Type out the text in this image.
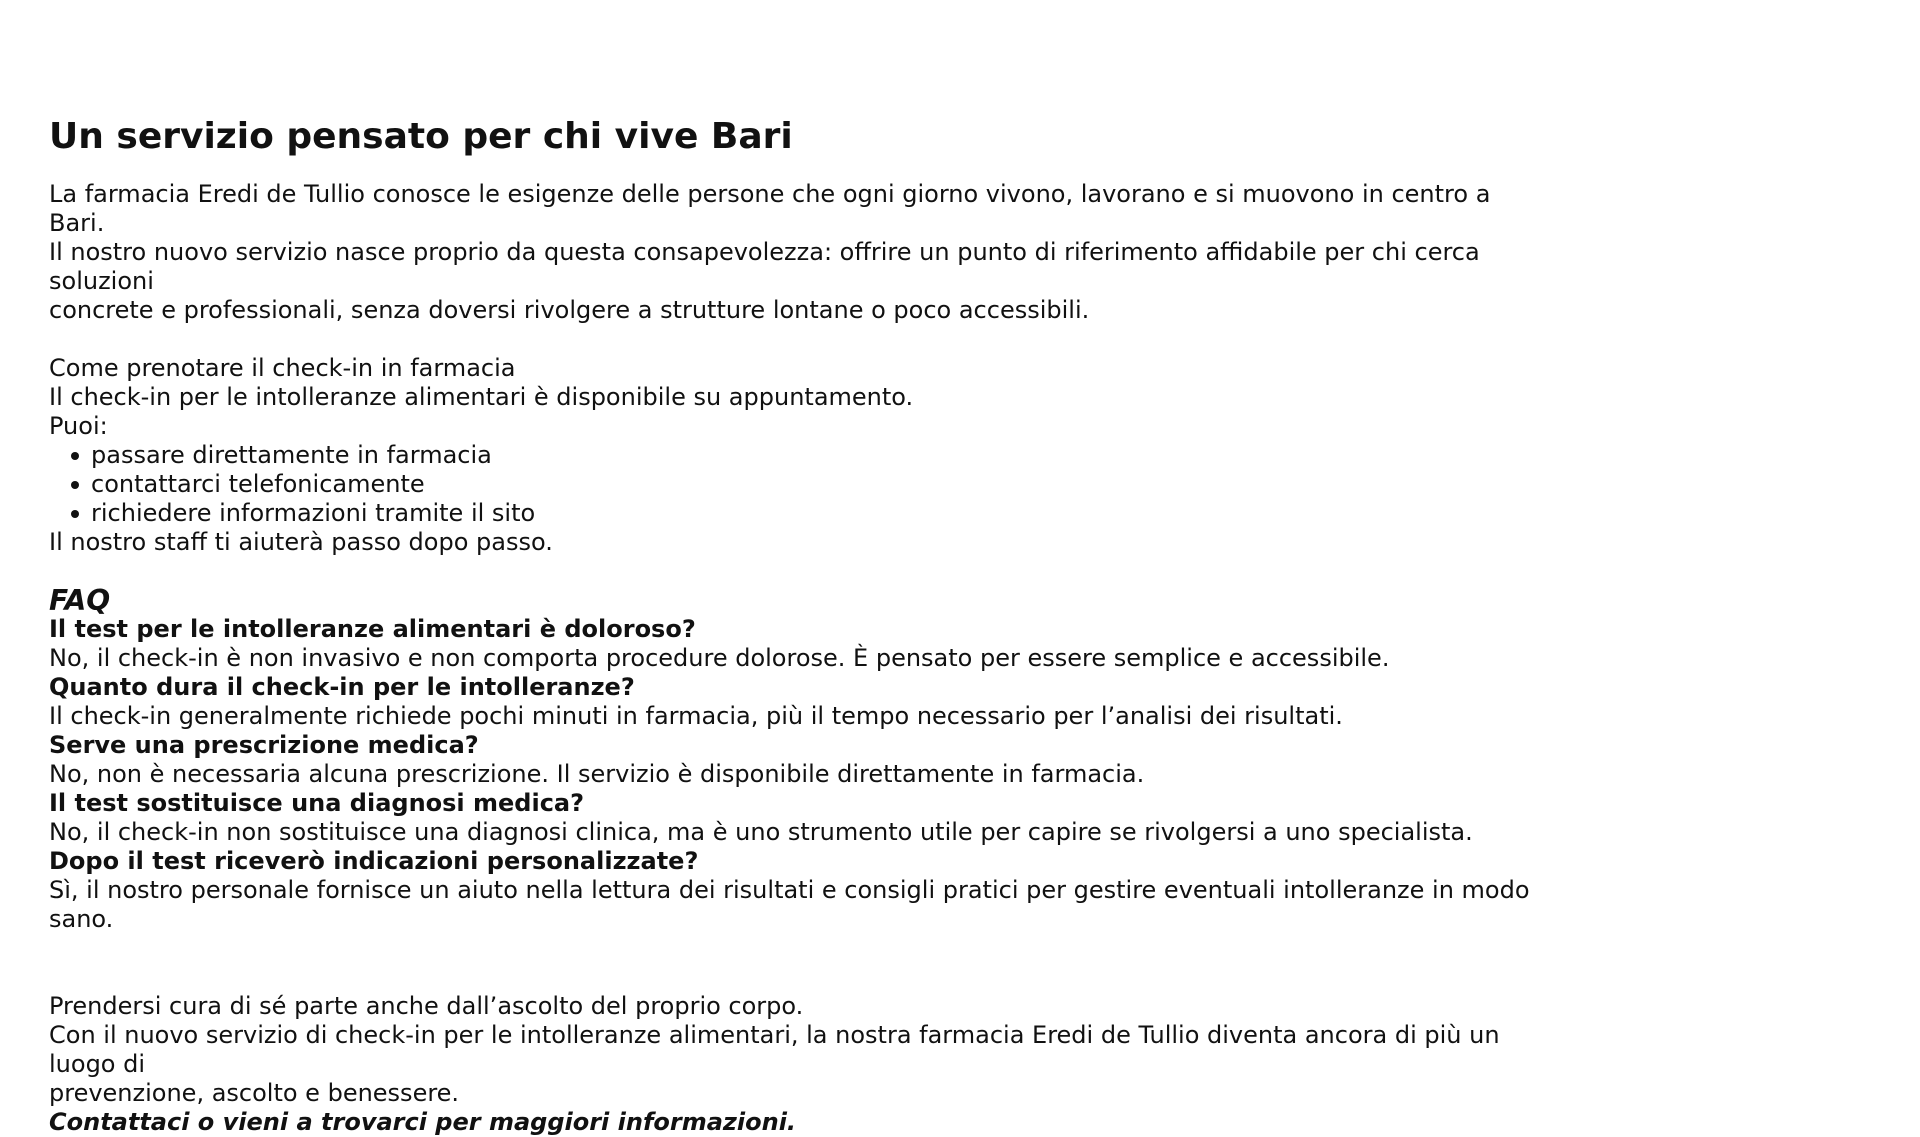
Un servizio pensato per chi vive Bari

La farmacia Eredi de Tullio conosce le esigenze delle persone che ogni giorno vivono, lavorano e si muovono in centro a Bari.

Il nostro nuovo servizio nasce proprio da questa consapevolezza: offrire un punto di riferimento affidabile per chi cerca soluzioni

concrete e professionali, senza doversi rivolgere a strutture lontane o poco accessibili.

Come prenotare il check-in in farmacia

Il check-in per le intolleranze alimentari è disponibile su appuntamento.

Puoi:

passare direttamente in farmacia
contattarci telefonicamente
richiedere informazioni tramite il sito

Il nostro staff ti aiuterà passo dopo passo.

FAQ

Il test per le intolleranze alimentari è doloroso?

No, il check-in è non invasivo e non comporta procedure dolorose. È pensato per essere semplice e accessibile.

Quanto dura il check-in per le intolleranze?

Il check-in generalmente richiede pochi minuti in farmacia, più il tempo necessario per l’analisi dei risultati.

Serve una prescrizione medica?

No, non è necessaria alcuna prescrizione. Il servizio è disponibile direttamente in farmacia.

Il test sostituisce una diagnosi medica?

No, il check-in non sostituisce una diagnosi clinica, ma è uno strumento utile per capire se rivolgersi a uno specialista.

Dopo il test riceverò indicazioni personalizzate?

Sì, il nostro personale fornisce un aiuto nella lettura dei risultati e consigli pratici per gestire eventuali intolleranze in modo sano.

Prendersi cura di sé parte anche dall’ascolto del proprio corpo.

Con il nuovo servizio di check-in per le intolleranze alimentari, la nostra farmacia Eredi de Tullio diventa ancora di più un luogo di

prevenzione, ascolto e benessere.

Contattaci o vieni a trovarci per maggiori informazioni.
